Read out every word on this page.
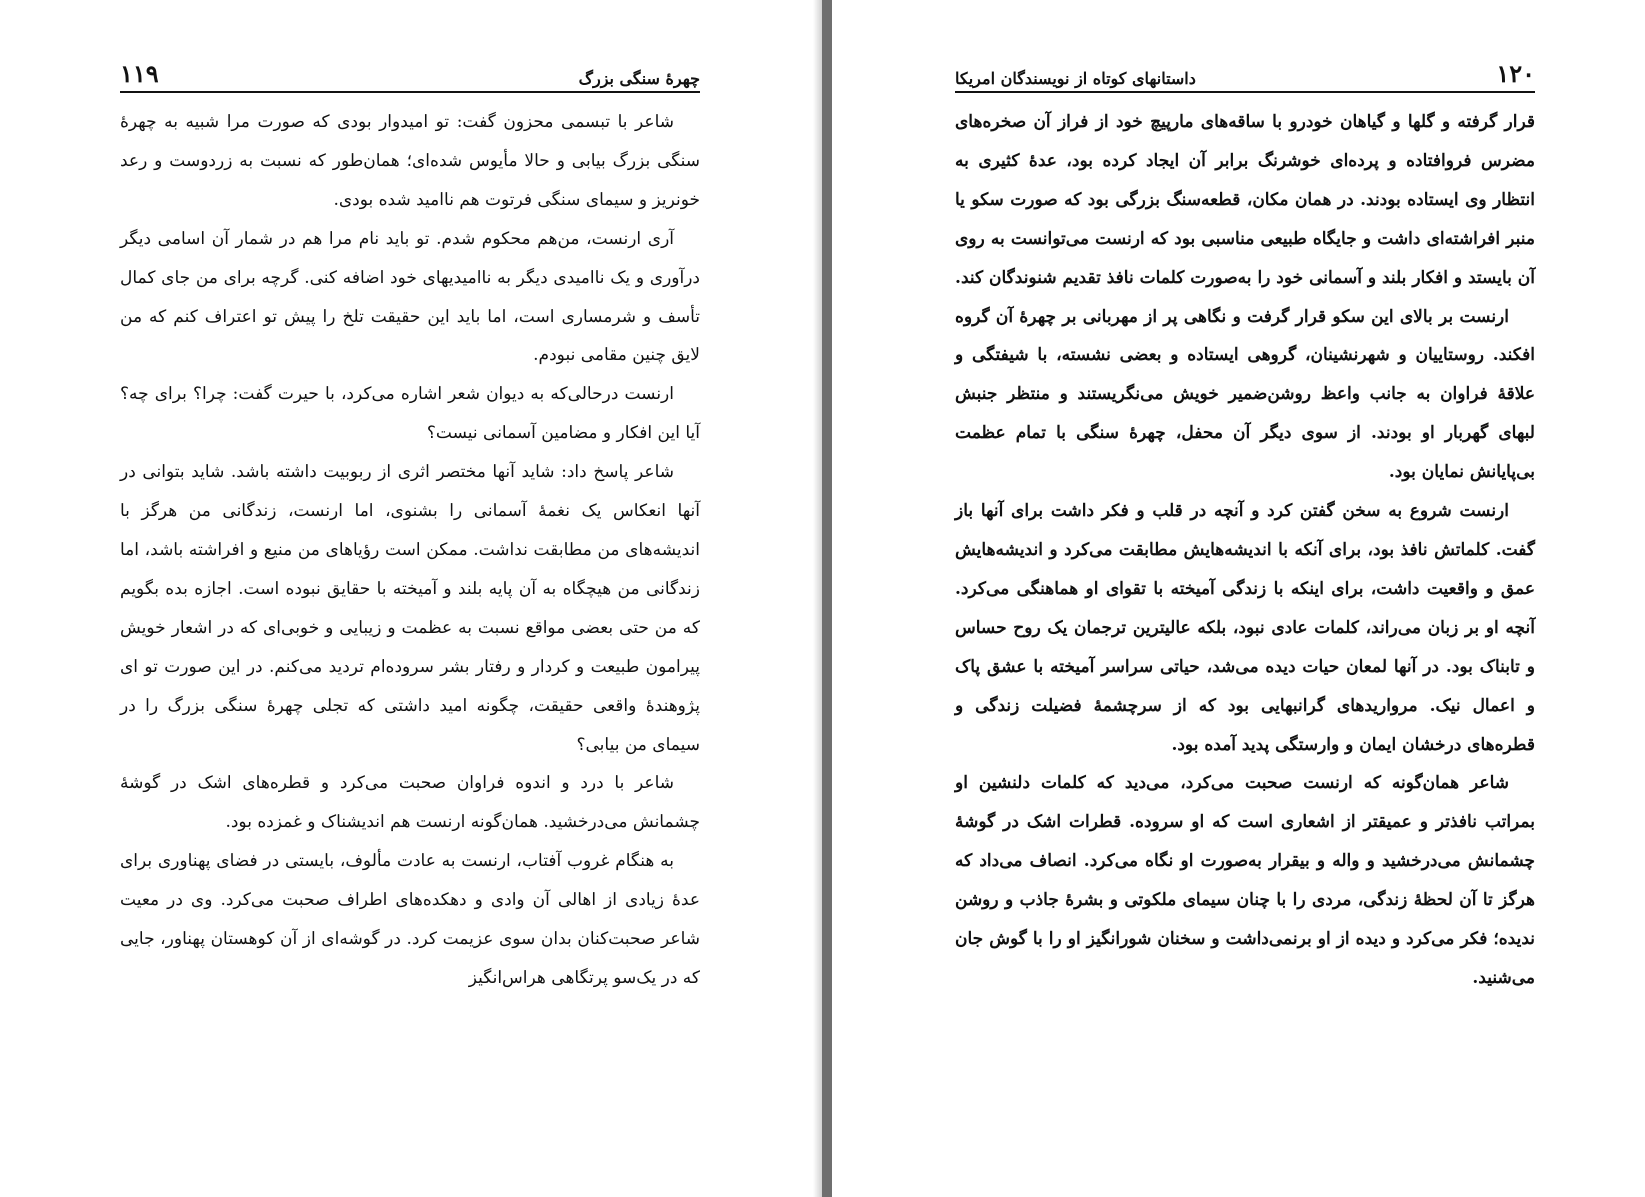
چهرهٔ سنگی بزرگ
۱۱۹

شاعر با تبسمی محزون گفت: تو امیدوار بودی که صورت مرا شبیه به چهرهٔ سنگی بزرگ بیابی و حالا مأیوس شده‌ای؛ همان‌طور که نسبت به زردوست و رعد خونریز و سیمای سنگی فرتوت هم ناامید شده بودی.

آری ارنست، من‌هم محکوم شدم. تو باید نام مرا هم در شمار آن اسامی دیگر درآوری و یک ناامیدی دیگر به ناامیدیهای خود اضافه کنی. گرچه برای من جای کمال تأسف و شرمساری است، اما باید این حقیقت تلخ را پیش تو اعتراف کنم که من لایق چنین مقامی نبودم.

ارنست درحالی‌که به دیوان شعر اشاره می‌کرد، با حیرت گفت: چرا؟ برای چه؟ آیا این افکار و مضامین آسمانی نیست؟

شاعر پاسخ داد: شاید آنها مختصر اثری از ربوبیت داشته باشد. شاید بتوانی در آنها انعکاس یک نغمهٔ آسمانی را بشنوی، اما ارنست، زندگانی من هرگز با اندیشه‌های من مطابقت نداشت. ممکن است رؤیاهای من منیع و افراشته باشد، اما زندگانی من هیچگاه به آن پایه بلند و آمیخته با حقایق نبوده است. اجازه بده بگویم که من حتی بعضی مواقع نسبت به عظمت و زیبایی و خوبی‌ای که در اشعار خویش پیرامون طبیعت و کردار و رفتار بشر سروده‌ام تردید می‌کنم. در این صورت تو ای پژوهندهٔ واقعی حقیقت، چگونه امید داشتی که تجلی چهرهٔ سنگی بزرگ را در سیمای من بیابی؟

شاعر با درد و اندوه فراوان صحبت می‌کرد و قطره‌های اشک در گوشهٔ چشمانش می‌درخشید. همان‌گونه ارنست هم اندیشناک و غمزده بود.

به هنگام غروب آفتاب، ارنست به عادت مألوف، بایستی در فضای پهناوری برای عدهٔ زیادی از اهالی آن وادی و دهکده‌های اطراف صحبت می‌کرد. وی در معیت شاعر صحبت‌کنان بدان سوی عزیمت کرد. در گوشه‌ای از آن کوهستان پهناور، جایی که در یک‌سو پرتگاهی هراس‌انگیز

۱۲۰
داستانهای کوتاه از نویسندگان امریکا

قرار گرفته و گلها و گیاهان خودرو با ساقه‌های مارپیچ خود از فراز آن صخره‌های مضرس فروافتاده و پرده‌ای خوشرنگ برابر آن ایجاد کرده بود، عدهٔ کثیری به انتظار وی ایستاده بودند. در همان مکان، قطعه‌سنگ بزرگی بود که صورت سکو یا منبر افراشته‌ای داشت و جایگاه طبیعی مناسبی بود که ارنست می‌توانست به روی آن بایستد و افکار بلند و آسمانی خود را به‌صورت کلمات نافذ تقدیم شنوندگان کند.

ارنست بر بالای این سکو قرار گرفت و نگاهی پر از مهربانی بر چهرهٔ آن گروه افکند. روستاییان و شهرنشینان، گروهی ایستاده و بعضی نشسته، با شیفتگی و علاقهٔ فراوان به جانب واعظ روشن‌ضمیر خویش می‌نگریستند و منتظر جنبش لبهای گهربار او بودند. از سوی دیگر آن محفل، چهرهٔ سنگی با تمام عظمت بی‌پایانش نمایان بود.

ارنست شروع به سخن گفتن کرد و آنچه در قلب و فکر داشت برای آنها باز گفت. کلماتش نافذ بود، برای آنکه با اندیشه‌هایش مطابقت می‌کرد و اندیشه‌هایش عمق و واقعیت داشت، برای اینکه با زندگی آمیخته با تقوای او هماهنگی می‌کرد. آنچه او بر زبان می‌راند، کلمات عادی نبود، بلکه عالیترین ترجمان یک روح حساس و تابناک بود. در آنها لمعان حیات دیده می‌شد، حیاتی سراسر آمیخته با عشق پاک و اعمال نیک. مرواریدهای گرانبهایی بود که از سرچشمهٔ فضیلت زندگی و قطره‌های درخشان ایمان و وارستگی پدید آمده بود.

شاعر همان‌گونه که ارنست صحبت می‌کرد، می‌دید که کلمات دلنشین او بمراتب نافذتر و عمیقتر از اشعاری است که او سروده. قطرات اشک در گوشهٔ چشمانش می‌درخشید و واله و بیقرار به‌صورت او نگاه می‌کرد. انصاف می‌داد که هرگز تا آن لحظهٔ زندگی، مردی را با چنان سیمای ملکوتی و بشرهٔ جاذب و روشن ندیده؛ فکر می‌کرد و دیده از او برنمی‌داشت و سخنان شورانگیز او را با گوش جان می‌شنید.
